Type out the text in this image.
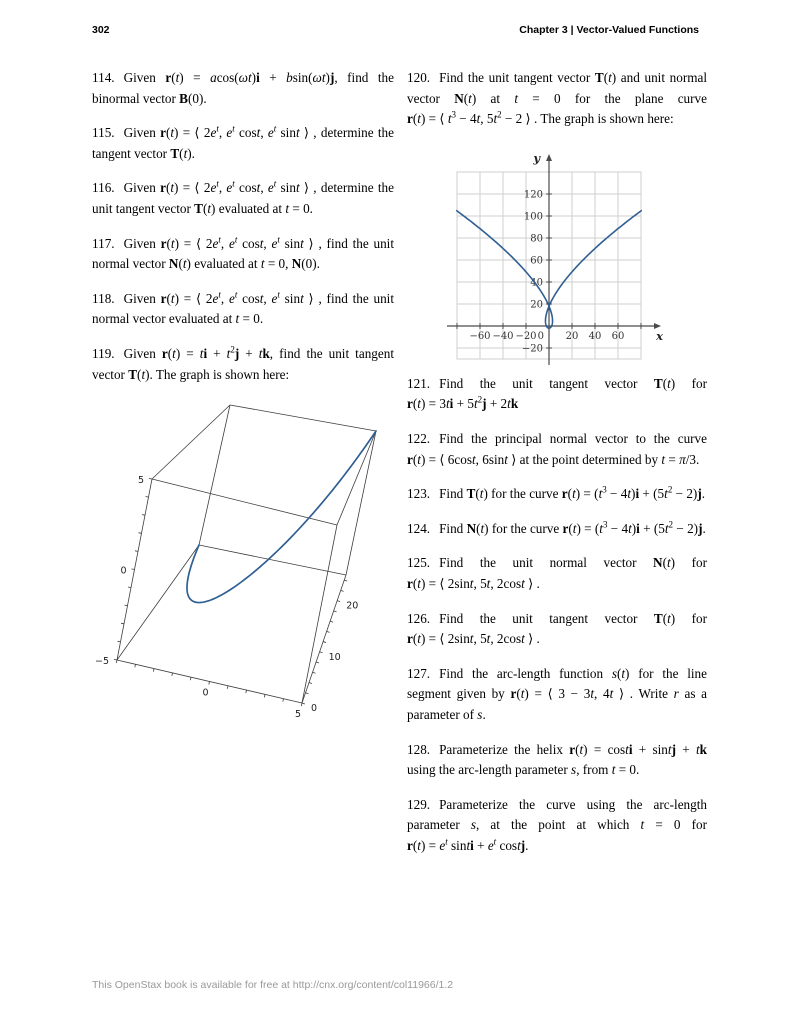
302	Chapter 3 | Vector-Valued Functions

114. Given r(t) = acos(ωt)i + bsin(ωt)j, find the binormal vector B(0).

115. Given r(t) = ⟨ $2e^t$, $e^t$ cost, $e^t$ sint ⟩ , determine the tangent vector T(t).

116. Given r(t) = ⟨ $2e^t$, $e^t$ cost, $e^t$ sint ⟩ , determine the unit tangent vector T(t) evaluated at t = 0.

117. Given r(t) = ⟨ $2e^t$, $e^t$ cost, $e^t$ sint ⟩ , find the unit normal vector N(t) evaluated at t = 0, N(0).

118. Given r(t) = ⟨ $2e^t$, $e^t$ cost, $e^t$ sint ⟩ , find the unit normal vector evaluated at t = 0.

119. Given r(t) = ti + $t^2j$ + tk, find the unit tangent vector T(t). The graph is shown here:

−5
0
5
0
5
0
10
20

120. Find the unit tangent vector T(t) and unit normal vector N(t) at t = 0 for the plane curve r(t) = ⟨ $t^3 - 4t$, $5t^2 - 2$ ⟩ . The graph is shown here:

−60 −40 −20 0 20 40 60
−20
20
40
60
80
100
120
y
x

121. Find the unit tangent vector T(t) for $r(t) = 3ti + 5t^2j + 2tk$

122. Find the principal normal vector to the curve r(t) = ⟨ 6cost, 6sint ⟩ at the point determined by t = π/3.

123. Find T(t) for the curve $r(t) = (t^3 - 4t)i + (5t^2 - 2)j$.

124. Find N(t) for the curve $r(t) = (t^3 - 4t)i + (5t^2 - 2)j$.

125. Find the unit normal vector N(t) for r(t) = ⟨ 2sint, 5t, 2cost ⟩ .

126. Find the unit tangent vector T(t) for r(t) = ⟨ 2sint, 5t, 2cost ⟩ .

127. Find the arc-length function s(t) for the line segment given by r(t) = ⟨ 3 − 3t, 4t ⟩ . Write r as a parameter of s.

128. Parameterize the helix r(t) = costi + sintj + tk using the arc-length parameter s, from t = 0.

129. Parameterize the curve using the arc-length parameter s, at the point at which t = 0 for $r(t) = e^t$ sinti + $e^t$ costj.

This OpenStax book is available for free at http://cnx.org/content/col11966/1.2
